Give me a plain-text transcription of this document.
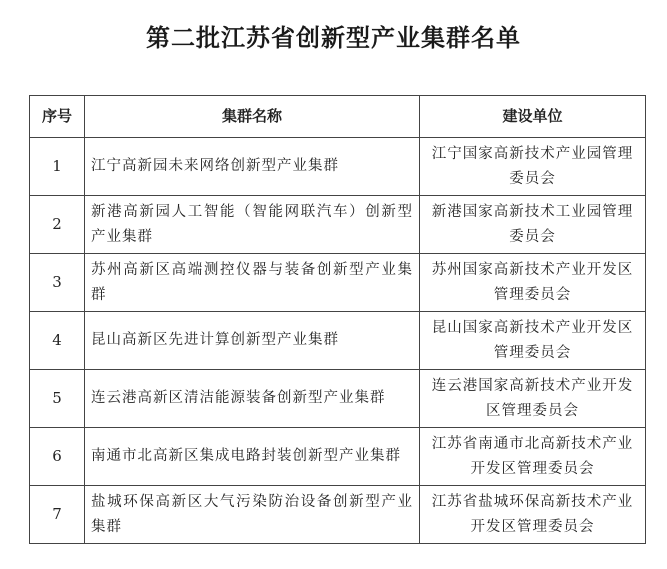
第二批江苏省创新型产业集群名单
序号	集群名称	建设单位
1	江宁高新园未来网络创新型产业集群	江宁国家高新技术产业园管理委员会
2	新港高新园人工智能（智能网联汽车）创新型产业集群	新港国家高新技术工业园管理委员会
3	苏州高新区高端测控仪器与装备创新型产业集群	苏州国家高新技术产业开发区管理委员会
4	昆山高新区先进计算创新型产业集群	昆山国家高新技术产业开发区管理委员会
5	连云港高新区清洁能源装备创新型产业集群	连云港国家高新技术产业开发区管理委员会
6	南通市北高新区集成电路封装创新型产业集群	江苏省南通市北高新技术产业开发区管理委员会
7	盐城环保高新区大气污染防治设备创新型产业集群	江苏省盐城环保高新技术产业开发区管理委员会
